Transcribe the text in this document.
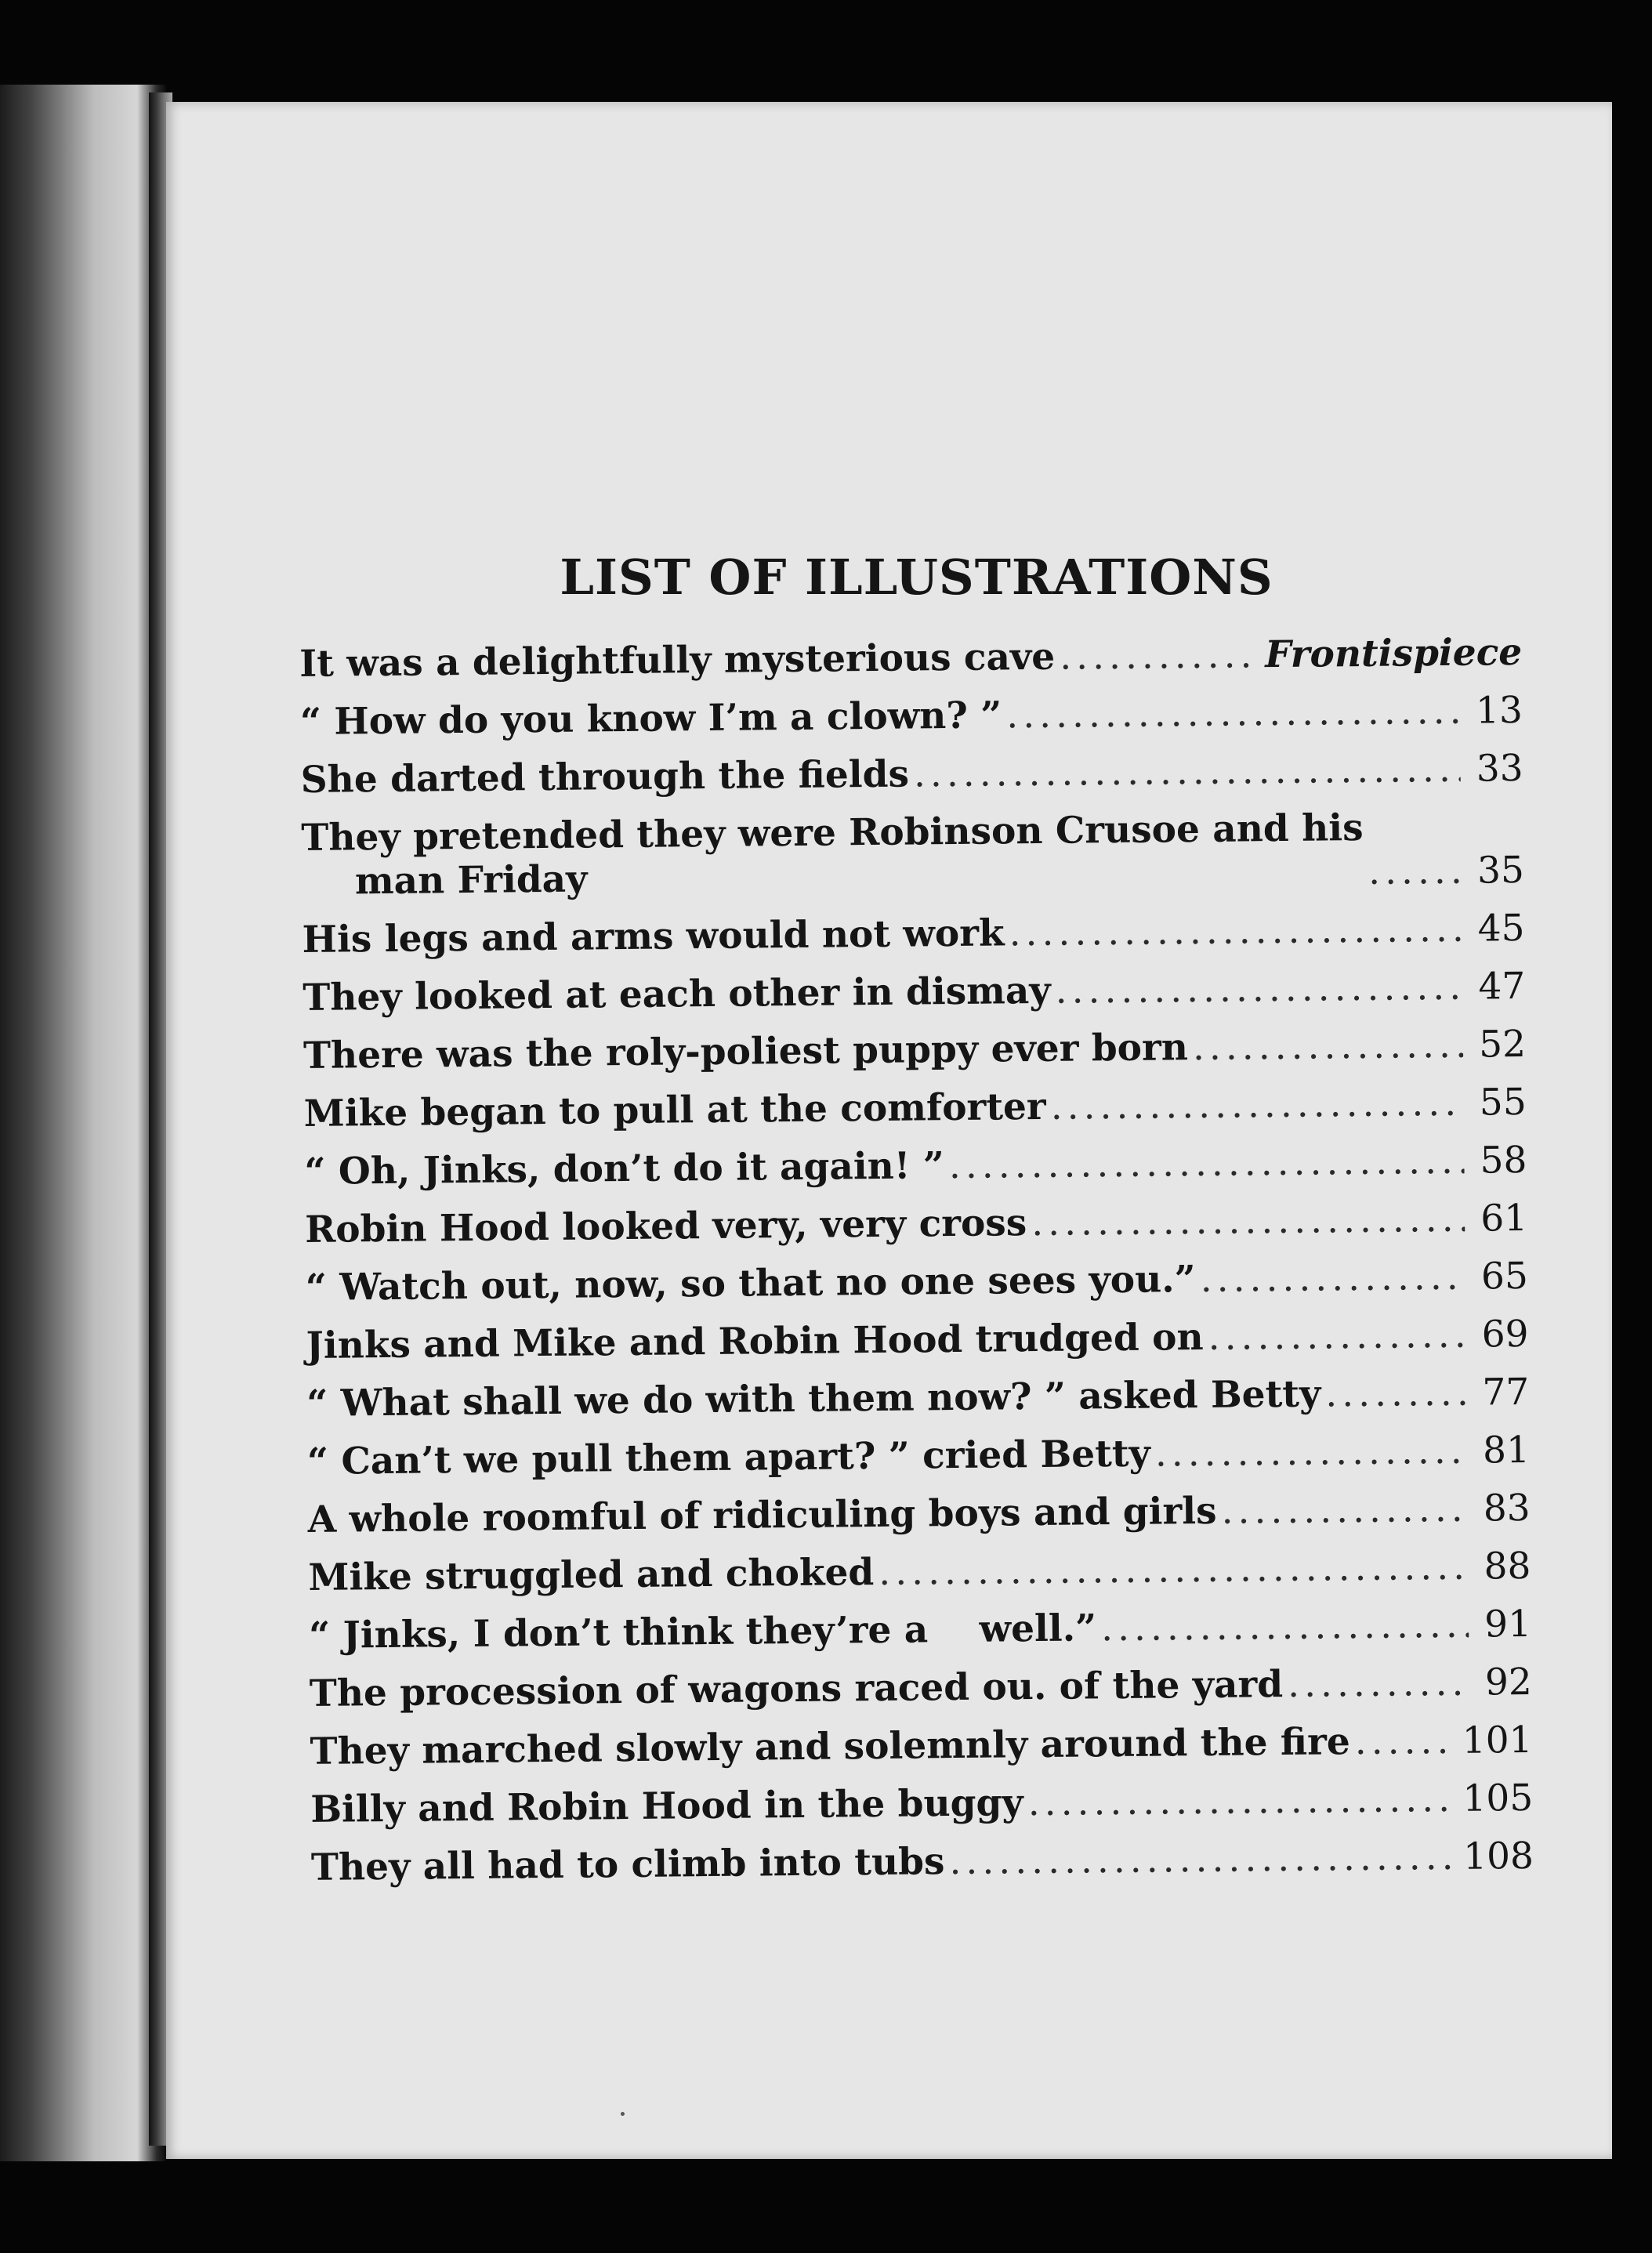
LIST OF ILLUSTRATIONS
It was a delightfully mysterious cave .....	Frontispiece
“ How do you know I’m a clown? ” .....	13
She darted through the fields .....	33
They pretended they were Robinson Crusoe and his
man Friday .....	35
His legs and arms would not work .....	45
They looked at each other in dismay .....	47
There was the roly-poliest puppy ever born .....	52
Mike began to pull at the comforter .....	55
“ Oh, Jinks, don’t do it again! ” .....	58
Robin Hood looked very, very cross .....	61
“ Watch out, now, so that no one sees you.” .....	65
Jinks and Mike and Robin Hood trudged on .....	69
“ What shall we do with them now? ” asked Betty .....	77
“ Can’t we pull them apart? ” cried Betty .....	81
A whole roomful of ridiculing boys and girls .....	83
Mike struggled and choked .....	88
“ Jinks, I don’t think they’re a    well.” .....	91
The procession of wagons raced ou. of the yard .....	92
They marched slowly and solemnly around the fire .....	101
Billy and Robin Hood in the buggy .....	105
They all had to climb into tubs .....	108
